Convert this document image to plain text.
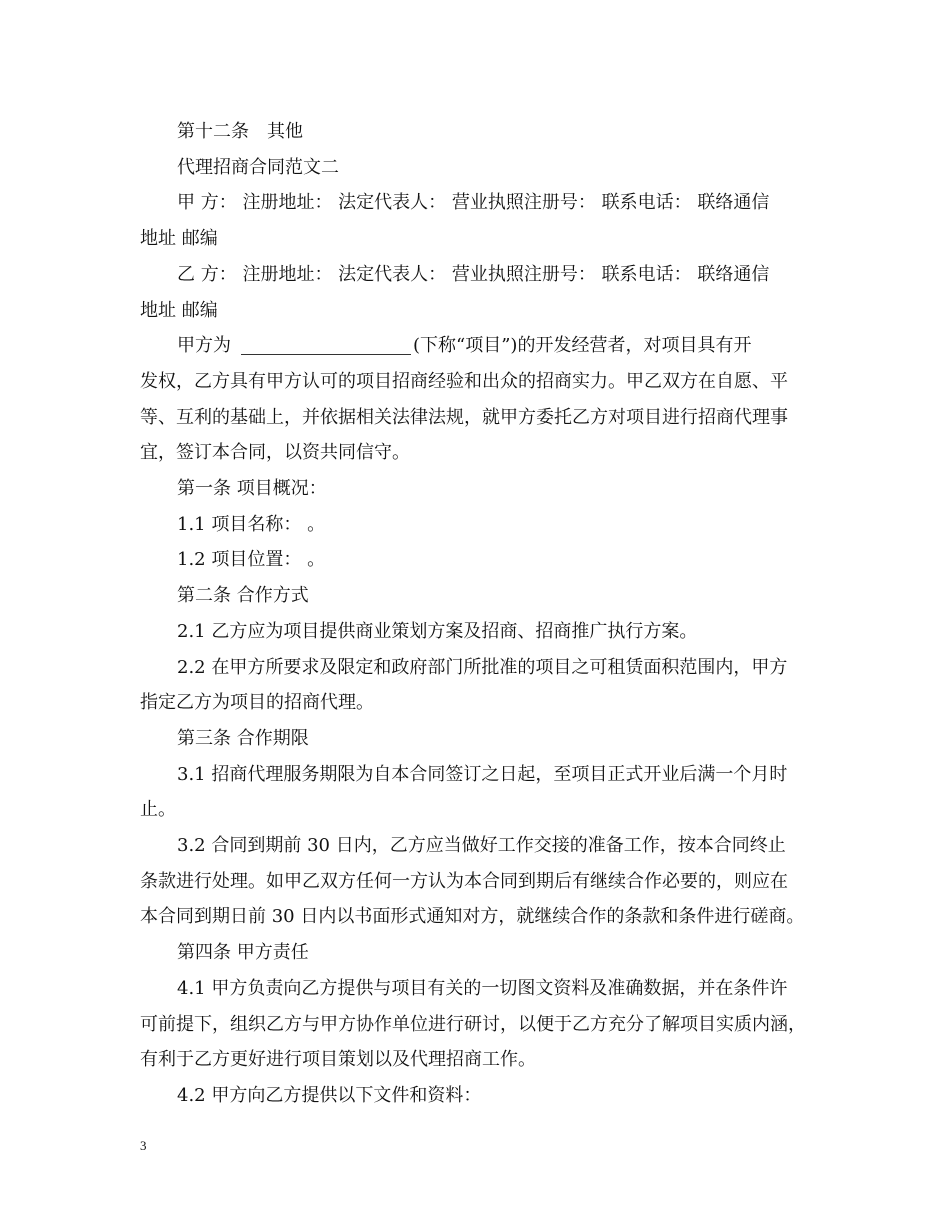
第十二条　其他

代理招商合同范文二

甲 方： 注册地址： 法定代表人： 营业执照注册号： 联系电话： 联络通信

地址 邮编

乙 方： 注册地址： 法定代表人： 营业执照注册号： 联系电话： 联络通信

地址 邮编

甲方为	(下称“项目”)的开发经营者，对项目具有开

发权，乙方具有甲方认可的项目招商经验和出众的招商实力。甲乙双方在自愿、平

等、互利的基础上，并依据相关法律法规，就甲方委托乙方对项目进行招商代理事

宜，签订本合同，以资共同信守。

第一条 项目概况：

1.1 项目名称： 。

1.2 项目位置： 。

第二条 合作方式

2.1 乙方应为项目提供商业策划方案及招商、招商推广执行方案。

2.2 在甲方所要求及限定和政府部门所批准的项目之可租赁面积范围内，甲方

指定乙方为项目的招商代理。

第三条 合作期限

3.1 招商代理服务期限为自本合同签订之日起，至项目正式开业后满一个月时

止。

3.2 合同到期前 30 日内，乙方应当做好工作交接的准备工作，按本合同终止

条款进行处理。如甲乙双方任何一方认为本合同到期后有继续合作必要的，则应在

本合同到期日前 30 日内以书面形式通知对方，就继续合作的条款和条件进行磋商。

第四条 甲方责任

4.1 甲方负责向乙方提供与项目有关的一切图文资料及准确数据，并在条件许

可前提下，组织乙方与甲方协作单位进行研讨，以便于乙方充分了解项目实质内涵，

有利于乙方更好进行项目策划以及代理招商工作。

4.2 甲方向乙方提供以下文件和资料：

3
